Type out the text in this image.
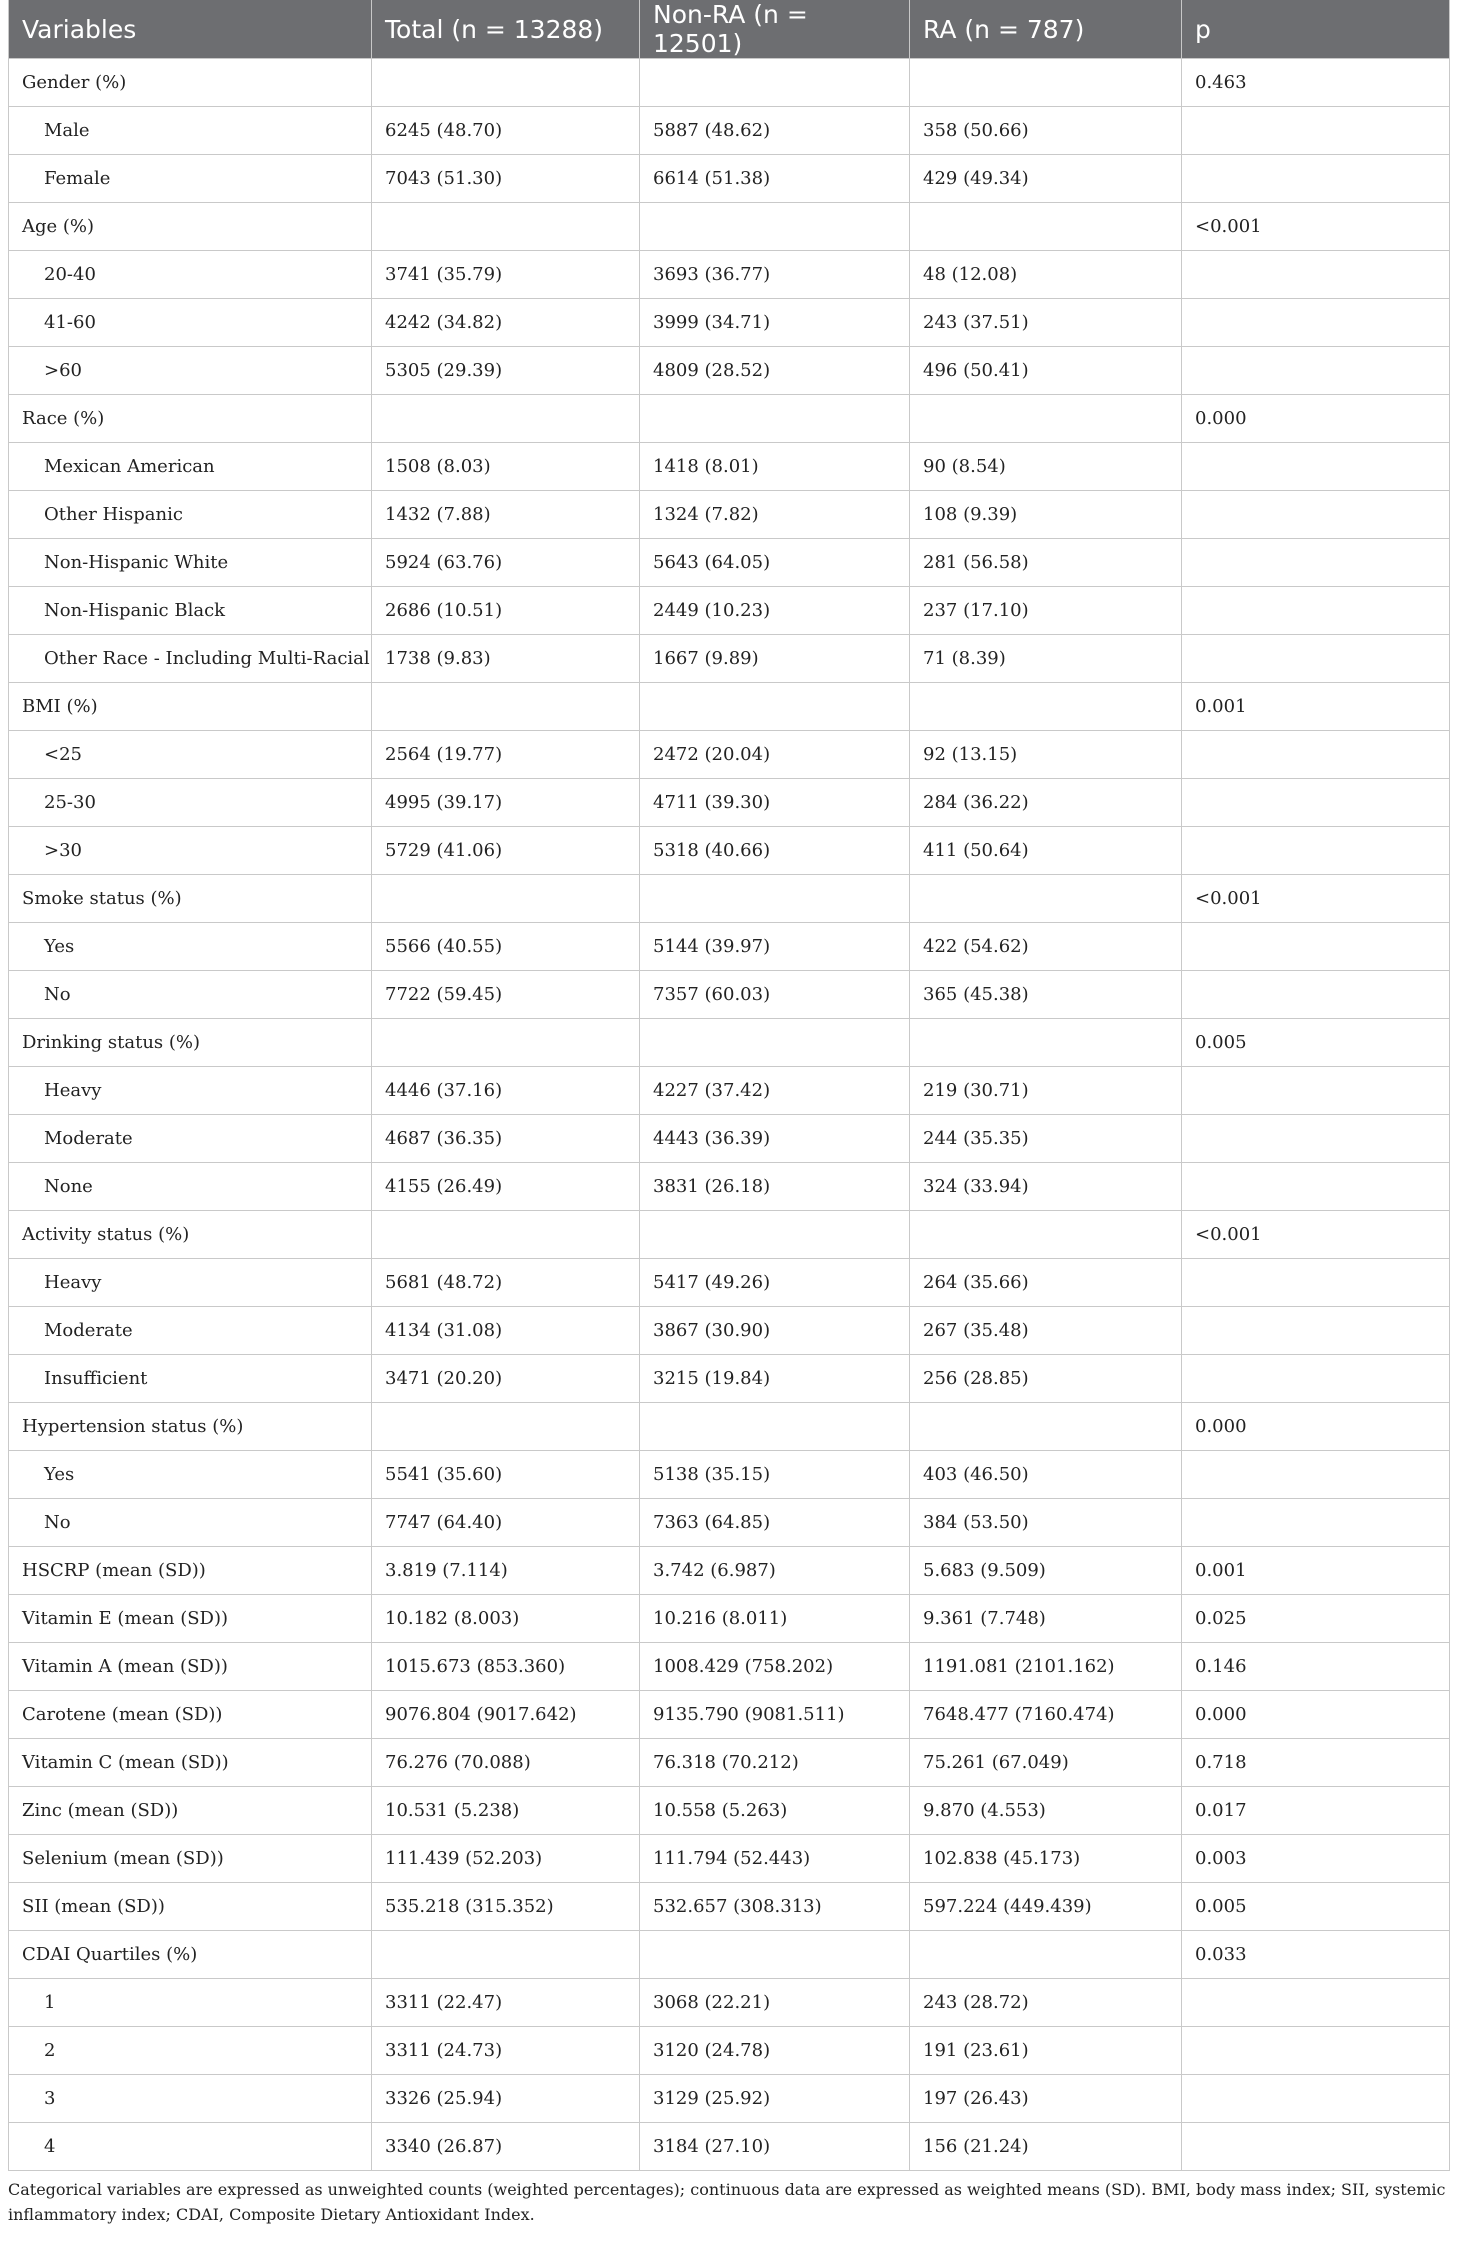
Variables	Total (n = 13288)	Non-RA (n = 12501)	RA (n = 787)	p
Gender (%)				0.463
Male	6245 (48.70)	5887 (48.62)	358 (50.66)	
Female	7043 (51.30)	6614 (51.38)	429 (49.34)	
Age (%)				<0.001
20-40	3741 (35.79)	3693 (36.77)	48 (12.08)	
41-60	4242 (34.82)	3999 (34.71)	243 (37.51)	
>60	5305 (29.39)	4809 (28.52)	496 (50.41)	
Race (%)				0.000
Mexican American	1508 (8.03)	1418 (8.01)	90 (8.54)	
Other Hispanic	1432 (7.88)	1324 (7.82)	108 (9.39)	
Non-Hispanic White	5924 (63.76)	5643 (64.05)	281 (56.58)	
Non-Hispanic Black	2686 (10.51)	2449 (10.23)	237 (17.10)	
Other Race - Including Multi-Racial	1738 (9.83)	1667 (9.89)	71 (8.39)	
BMI (%)				0.001
<25	2564 (19.77)	2472 (20.04)	92 (13.15)	
25-30	4995 (39.17)	4711 (39.30)	284 (36.22)	
>30	5729 (41.06)	5318 (40.66)	411 (50.64)	
Smoke status (%)				<0.001
Yes	5566 (40.55)	5144 (39.97)	422 (54.62)	
No	7722 (59.45)	7357 (60.03)	365 (45.38)	
Drinking status (%)				0.005
Heavy	4446 (37.16)	4227 (37.42)	219 (30.71)	
Moderate	4687 (36.35)	4443 (36.39)	244 (35.35)	
None	4155 (26.49)	3831 (26.18)	324 (33.94)	
Activity status (%)				<0.001
Heavy	5681 (48.72)	5417 (49.26)	264 (35.66)	
Moderate	4134 (31.08)	3867 (30.90)	267 (35.48)	
Insufficient	3471 (20.20)	3215 (19.84)	256 (28.85)	
Hypertension status (%)				0.000
Yes	5541 (35.60)	5138 (35.15)	403 (46.50)	
No	7747 (64.40)	7363 (64.85)	384 (53.50)	
HSCRP (mean (SD))	3.819 (7.114)	3.742 (6.987)	5.683 (9.509)	0.001
Vitamin E (mean (SD))	10.182 (8.003)	10.216 (8.011)	9.361 (7.748)	0.025
Vitamin A (mean (SD))	1015.673 (853.360)	1008.429 (758.202)	1191.081 (2101.162)	0.146
Carotene (mean (SD))	9076.804 (9017.642)	9135.790 (9081.511)	7648.477 (7160.474)	0.000
Vitamin C (mean (SD))	76.276 (70.088)	76.318 (70.212)	75.261 (67.049)	0.718
Zinc (mean (SD))	10.531 (5.238)	10.558 (5.263)	9.870 (4.553)	0.017
Selenium (mean (SD))	111.439 (52.203)	111.794 (52.443)	102.838 (45.173)	0.003
SII (mean (SD))	535.218 (315.352)	532.657 (308.313)	597.224 (449.439)	0.005
CDAI Quartiles (%)				0.033
1	3311 (22.47)	3068 (22.21)	243 (28.72)	
2	3311 (24.73)	3120 (24.78)	191 (23.61)	
3	3326 (25.94)	3129 (25.92)	197 (26.43)	
4	3340 (26.87)	3184 (27.10)	156 (21.24)	
Categorical variables are expressed as unweighted counts (weighted percentages); continuous data are expressed as weighted means (SD). BMI, body mass index; SII, systemic inflammatory index; CDAI, Composite Dietary Antioxidant Index.
